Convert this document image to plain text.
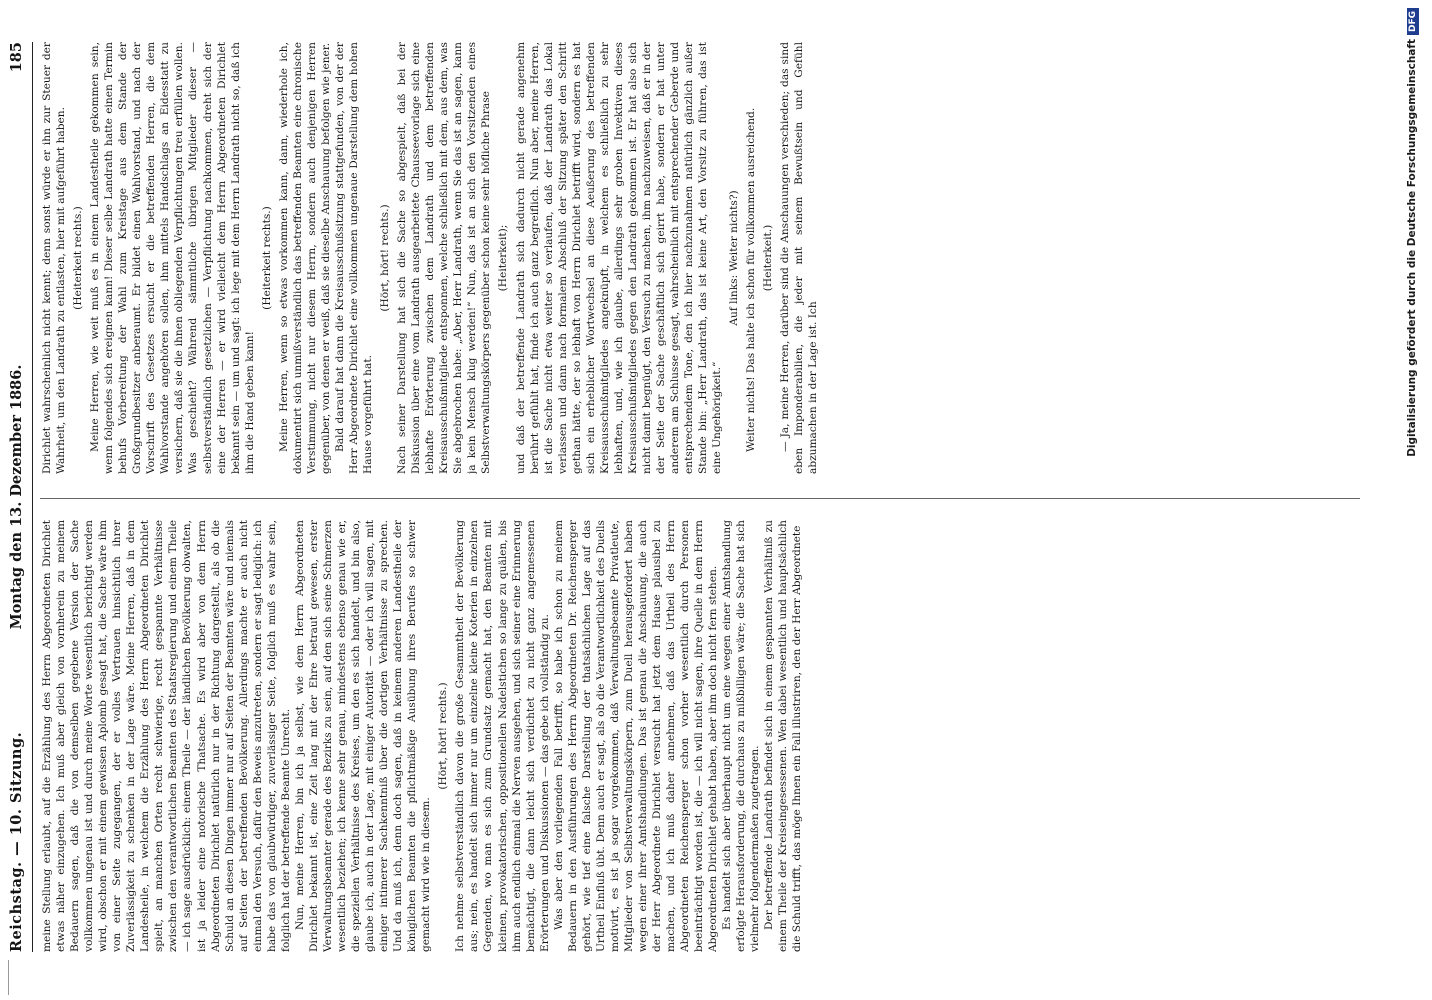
Reichstag. — 10. Sitzung.
Montag den 13. Dezember 1886.
185

meine Stellung erlaubt, auf die Erzählung des Herrn Abgeordneten Dirichlet etwas näher einzugehen. Ich muß aber gleich von vornherein zu meinem Bedauern sagen, daß die von demselben gegebene Version der Sache vollkommen ungenau ist und durch meine Worte wesentlich berichtigt werden wird, obschon er mit einem gewissen Aplomb gesagt hat, die Sache wäre ihm von einer Seite zugegangen, der er volles Vertrauen hinsichtlich ihrer Zuverlässigkeit zu schenken in der Lage wäre. Meine Herren, daß in dem Landesheile, in welchem die Erzählung des Herrn Abgeordneten Dirichlet spielt, an manchen Orten recht schwierige, recht gespannte Verhältnisse zwischen den verantwortlichen Beamten des Staatsregierung und einem Theile — ich sage ausdrücklich: einem Theile — der ländlichen Bevölkerung obwalten, ist ja leider eine notorische Thatsache. Es wird aber von dem Herrn Abgeordneten Dirichlet natürlich nur in der Richtung dargestellt, als ob die Schuld an diesen Dingen immer nur auf Seiten der Beamten wäre und niemals auf Seiten der betreffenden Bevölkerung. Allerdings machte er auch nicht einmal den Versuch, dafür den Beweis anzutreten, sondern er sagt lediglich: ich habe das von glaubwürdiger, zuverlässiger Seite, folglich muß es wahr sein, folglich hat der betreffende Beamte Unrecht. Nun, meine Herren, bin ich ja selbst, wie dem Herrn Abgeordneten Dirichlet bekannt ist, eine Zeit lang mit der Ehre betraut gewesen, erster Verwaltungsbeamter gerade des Bezirks zu sein, auf den sich seine Schmerzen wesentlich beziehen; ich kenne sehr genau, mindestens ebenso genau wie er, die speziellen Verhältnisse des Kreises, um den es sich handelt, und bin also, glaube ich, auch in der Lage, mit einiger Autorität — oder ich will sagen, mit einiger intimerer Sachkenntniß über die dortigen Verhältnisse zu sprechen. Und da muß ich, denn doch sagen, daß in keinem anderen Landestheile der königlichen Beamten die pflichtmäßige Ausübung ihres Berufes so schwer gemacht wird wie in diesem.

(Hört, hört! rechts.) Ich nehme selbstverständlich davon die große Gesammtheit der Bevölkerung aus; nein, es handelt sich immer nur um einzelne kleine Koterien in einzelnen Gegenden, wo man es sich zum Grundsatz gemacht hat, den Beamten mit kleinen, provokatorischen, oppositionellen Nadelstichen so lange zu quälen, bis ihm auch endlich einmal die Nerven ausgehen, und sich seiner eine Erinnerung bemächtigt, die dann leicht sich verdichtet zu nicht ganz angemessenen Erörterungen und Diskussionen — das gebe ich vollständig zu. Was aber den vorliegenden Fall betrifft, so habe ich schon zu meinem Bedauern in den Ausführungen des Herrn Abgeordneten Dr. Reichensperger gehört, wie tief eine falsche Darstellung der thatsächlichen Lage auf das Urtheil Einfluß übt. Denn auch er sagt, als ob die Verantwortlichkeit des Duells motivirt, es ist ja sogar vorgekommen, daß Verwaltungsbeamte Privatleute, Mitglieder von Selbstverwaltungskörpern, zum Duell herausgefordert haben wegen einer ihrer Amtshandlungen. Das ist genau die Anschauung, die auch der Herr Abgeordnete Dirichlet versucht hat jetzt dem Hause plausibel zu machen, und ich muß daher annehmen, daß das Urtheil des Herrn Abgeordneten Reichensperger schon vorher wesentlich durch Personen beeinträchtigt worden ist, die — ich will nicht sagen, ihre Quelle in dem Herrn Abgeordneten Dirichlet gehabt haben, aber ihm doch nicht fern stehen. Es handelt sich aber überhaupt nicht um eine wegen einer Amtshandlung erfolgte Herausforderung, die durchaus zu mißbilligen wäre; die Sache hat sich vielmehr folgendermaßen zugetragen. Der betreffende Landrath befindet sich in einem gespannten Verhältniß zu einem Theile der Kreiseingesessenen. Wen dabei wesentlich und hauptsächlich die Schuld trifft, das möge Ihnen ein Fall illustriren, den der Herr Abgeordnete

Dirichlet wahrscheinlich nicht kennt; denn sonst würde er ihn zur Steuer der Wahrheit, um den Landrath zu entlasten, hier mit aufgeführt haben. (Heiterkeit rechts.) Meine Herren, wie weit muß es in einem Landestheile gekommen sein, wenn folgendes sich ereignen kann! Dieser selbe Landrath hatte einen Termin behufs Vorbereitung der Wahl zum Kreistage aus dem Stande der Großgrundbesitzer anberaumt. Er bildet einen Wahlvorstand, und nach der Vorschrift des Gesetzes ersucht er die betreffenden Herren, die dem Wahlvorstande angehören sollen, ihm mittels Handschlags an Eidesstatt zu versichern, daß sie die ihnen obliegenden Verpflichtungen treu erfüllen wollen. Was geschieht? Während sämmtliche übrigen Mitglieder dieser — selbstverständlich gesetzlichen — Verpflichtung nachkommen, dreht sich der eine der Herren — er wird vielleicht dem Herrn Abgeordneten Dirichlet bekannt sein — um und sagt: ich lege mit dem Herrn Landrath nicht so, daß ich ihm die Hand geben kann!

(Heiterkeit rechts.) Meine Herren, wenn so etwas vorkommen kann, dann, wiederhole ich, dokumentirt sich unmißverständlich das betreffenden Beamten eine chronische Verstimmung, nicht nur diesem Herrn, sondern auch denjenigen Herren gegenüber, von denen er weiß, daß sie dieselbe Anschauung befolgen wie jener. Bald darauf hat dann die Kreisausschußsitzung stattgefunden, von der der Herr Abgeordnete Dirichlet eine vollkommen ungenaue Darstellung dem hohen Hause vorgeführt hat.

(Hört, hört! rechts.) Nach seiner Darstellung hat sich die Sache so abgespielt, daß bei der Diskussion über eine vom Landrath ausgearbeitete Chausseevorlage sich eine lebhafte Erörterung zwischen dem Landrath und dem betreffenden Kreisausschußmitgliede entsponnen, welche schließlich mit dem, aus dem, was Sie abgebrochen habe: „Aber, Herr Landrath, wenn Sie das ist an sagen, kann ja kein Mensch klug werden!“ Nun, das ist an sich den Vorsitzenden eines Selbstverwaltungskörpers gegenüber schon keine sehr höfliche Phrase (Heiterkeit); und daß der betreffende Landrath sich dadurch nicht gerade angenehm berührt gefühlt hat, finde ich auch ganz begreiflich. Nun aber, meine Herren, ist die Sache nicht etwa weiter so verlaufen, daß der Landrath das Lokal verlassen und dann nach formalem Abschluß der Sitzung später den Schritt gethan hätte, der so lebhaft von Herrn Dirichlet betrifft wird, sondern es hat sich ein erheblicher Wortwechsel an diese Aeußerung des betreffenden Kreisausschußmitgliedes angeknüpft, in welchem es schließlich zu sehr lebhaften, und, wie ich glaube, allerdings sehr groben Invektiven dieses Kreisausschußmitgliedes gegen den Landrath gekommen ist. Er hat also sich nicht damit begnügt, den Versuch zu machen, ihm nachzuweisen, daß er in der der Seite der Sache geschäftlich sich geirrt habe, sondern er hat unter anderem am Schlusse gesagt, wahrscheinlich mit entsprechender Geberde und entsprechendem Tone, den ich hier nachzunahmen natürlich gänzlich außer Stande bin: „Herr Landrath, das ist keine Art, den Vorsitz zu führen, das ist eine Ungehörigkeit.“

Auf links: Weiter nichts?) Weiter nichts! Das halte ich schon für vollkommen ausreichend. (Heiterkeit.) — Ja, meine Herren, darüber sind die Anschauungen verschieden; das sind eben Imponderabilien, die jeder mit seinem Bewußtsein und Gefühl abzumachen in der Lage ist. Ich	Digitalisierung gefördert durch die Deutsche ForschungsgemeinschaftDFG
